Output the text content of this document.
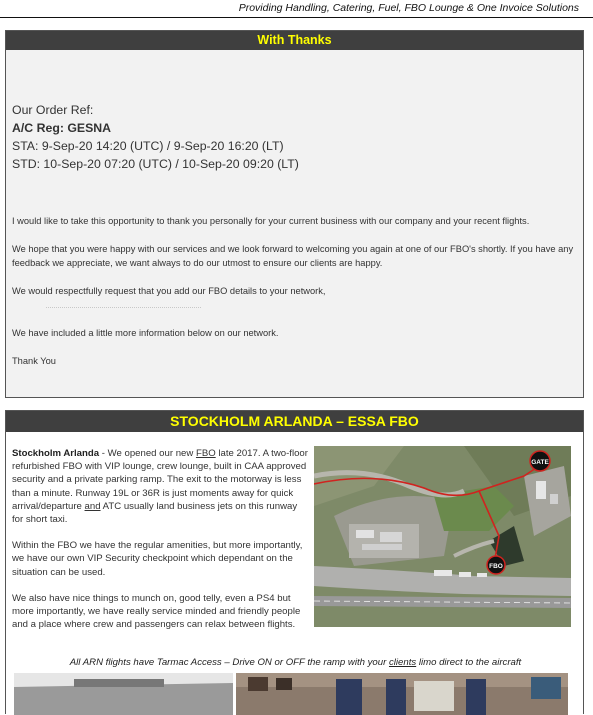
Providing Handling, Catering, Fuel, FBO Lounge & One Invoice Solutions
With Thanks
Our Order Ref:
A/C Reg: GESNA
STA: 9-Sep-20 14:20 (UTC) / 9-Sep-20 16:20 (LT)
STD: 10-Sep-20 07:20 (UTC) / 10-Sep-20 09:20 (LT)
I would like to take this opportunity to thank you personally for your current business with our company and your recent flights.
We hope that you were happy with our services and we look forward to welcoming you again at one of our FBO's shortly. If you have any feedback we appreciate, we want always to do our utmost to ensure our clients are happy.
We would respectfully request that you add our FBO details to your network,
We have included a little more information below on our network.
Thank You
STOCKHOLM ARLANDA – ESSA FBO

Stockholm Arlanda - We opened our new FBO late 2017. A two-floor refurbished FBO with VIP lounge, crew lounge, built in CAA approved security and a private parking ramp. The exit to the motorway is less than a minute. Runway 19L or 36R is just moments away for quick arrival/departure and ATC usually land business jets on this runway for short taxi.

Within the FBO we have the regular amenities, but more importantly, we have our own VIP Security checkpoint which dependant on the situation can be used.

We also have nice things to munch on, good telly, even a PS4 but more importantly, we have really service minded and friendly people and a place where crew and passengers can relax between flights.

GATE
FBO
All ARN flights have Tarmac Access – Drive ON or OFF the ramp with your clients limo direct to the aircraft
